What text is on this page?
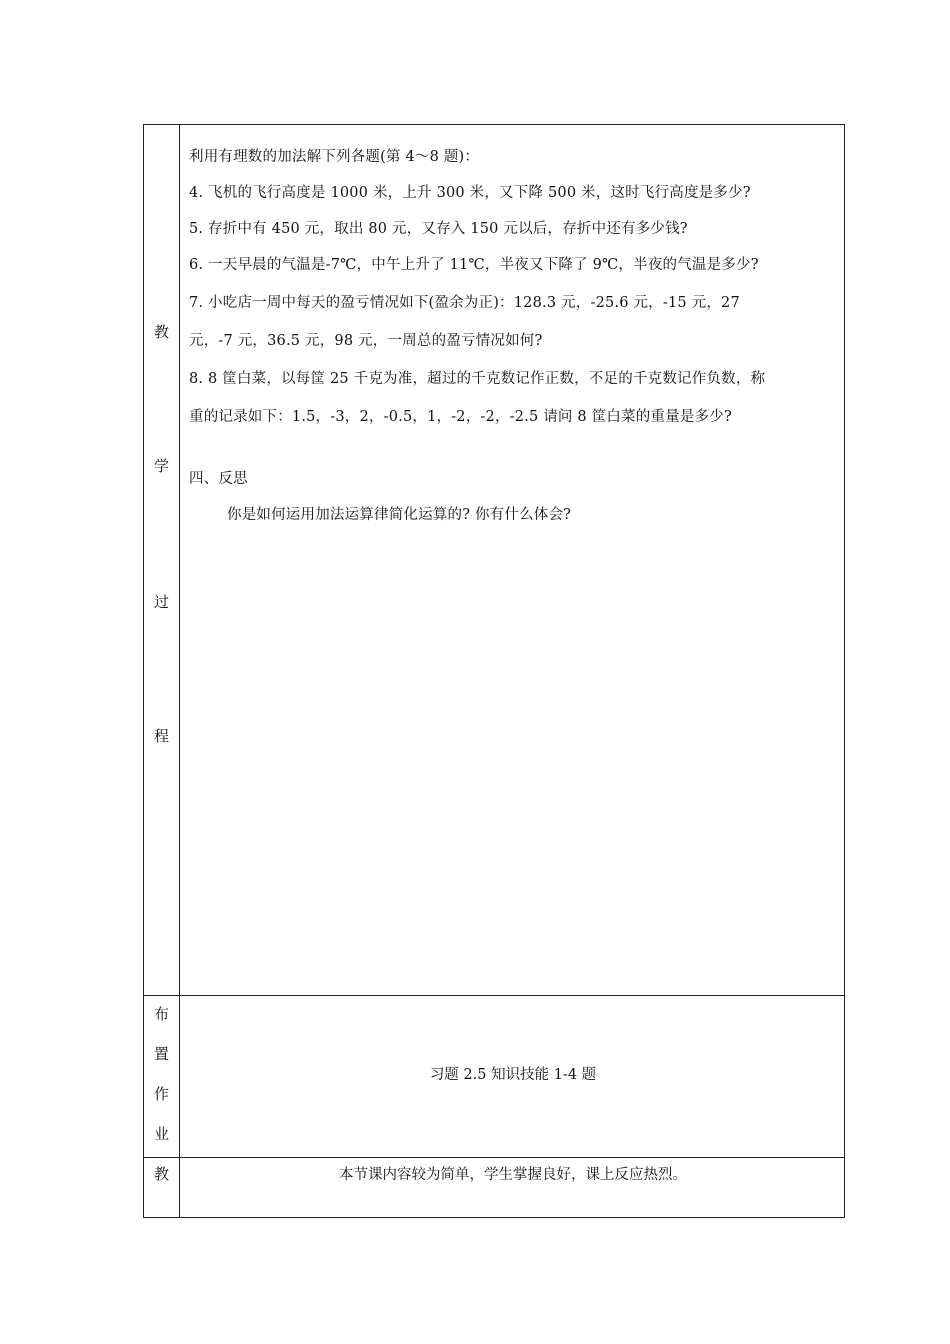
教
学
过
程
利用有理数的加法解下列各题(第 4～8 题)：
4. 飞机的飞行高度是 1000 米，上升 300 米，又下降 500 米，这时飞行高度是多少?
5. 存折中有 450 元，取出 80 元，又存入 150 元以后，存折中还有多少钱?
6. 一天早晨的气温是-7℃，中午上升了 11℃，半夜又下降了 9℃，半夜的气温是多少?
7. 小吃店一周中每天的盈亏情况如下(盈余为正)：128.3 元，-25.6 元，-15 元，27
元，-7 元，36.5 元，98 元，一周总的盈亏情况如何?
8. 8 筐白菜，以每筐 25 千克为准，超过的千克数记作正数，不足的千克数记作负数，称
重的记录如下：1.5，-3，2，-0.5，1，-2，-2，-2.5 请问 8 筐白菜的重量是多少?
四、反思
你是如何运用加法运算律简化运算的? 你有什么体会?
布
置
作
业
习题 2.5 知识技能 1-4 题
教	本节课内容较为简单，学生掌握良好，课上反应热烈。
